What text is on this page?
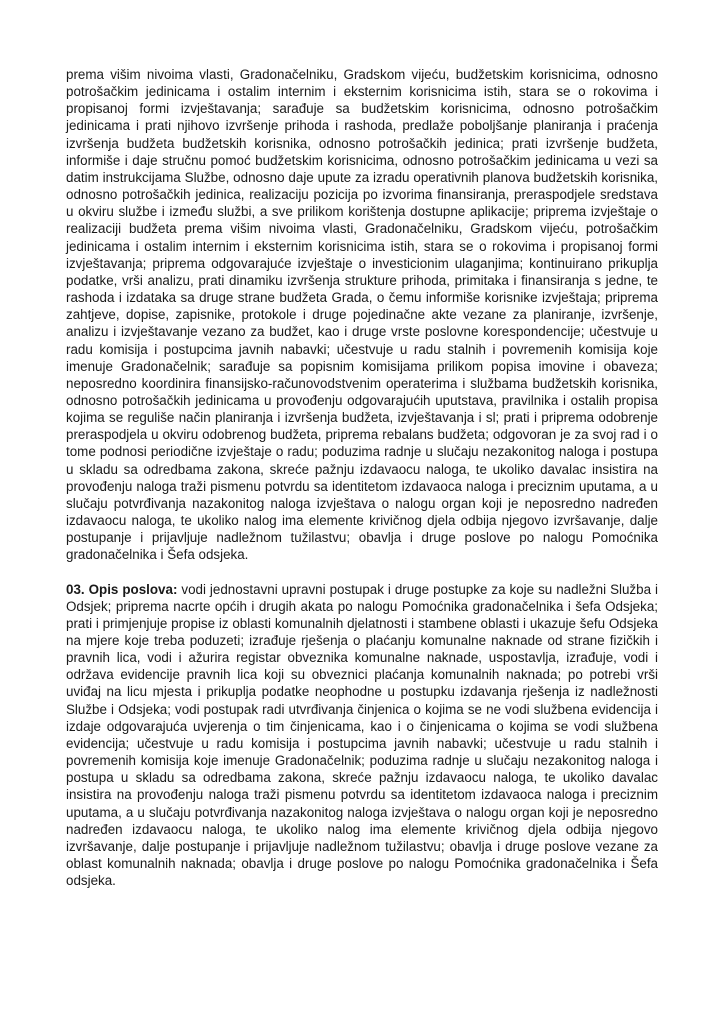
prema višim nivoima vlasti, Gradonačelniku, Gradskom vijeću, budžetskim korisnicima, odnosno potrošačkim jedinicama i ostalim internim i eksternim korisnicima istih, stara se o rokovima i propisanoj formi izvještavanja; sarađuje sa budžetskim korisnicima, odnosno potrošačkim jedinicama i prati njihovo izvršenje prihoda i rashoda, predlaže poboljšanje planiranja i praćenja izvršenja budžeta budžetskih korisnika, odnosno potrošačkih jedinica; prati izvršenje budžeta, informiše i daje stručnu pomoć budžetskim korisnicima, odnosno potrošačkim jedinicama u vezi sa datim instrukcijama Službe, odnosno daje upute za izradu operativnih planova budžetskih korisnika, odnosno potrošačkih jedinica, realizaciju pozicija po izvorima finansiranja, preraspodjele sredstava u okviru službe i između službi, a sve prilikom korištenja dostupne aplikacije; priprema izvještaje o realizaciji budžeta prema višim nivoima vlasti, Gradonačelniku, Gradskom vijeću, potrošačkim jedinicama i ostalim internim i eksternim korisnicima istih, stara se o rokovima i propisanoj formi izvještavanja; priprema odgovarajuće izvještaje o investicionim ulaganjima; kontinuirano prikuplja podatke, vrši analizu, prati dinamiku izvršenja strukture prihoda, primitaka i finansiranja s jedne, te rashoda i izdataka sa druge strane budžeta Grada, o čemu informiše korisnike izvještaja; priprema zahtjeve, dopise, zapisnike, protokole i druge pojedinačne akte vezane za planiranje, izvršenje, analizu i izvještavanje vezano za budžet, kao i druge vrste poslovne korespondencije; učestvuje u radu komisija i postupcima javnih nabavki; učestvuje u radu stalnih i povremenih komisija koje imenuje Gradonačelnik; sarađuje sa popisnim komisijama prilikom popisa imovine i obaveza; neposredno koordinira finansijsko-računovodstvenim operaterima i službama budžetskih korisnika, odnosno potrošačkih jedinicama u provođenju odgovarajućih uputstava, pravilnika i ostalih propisa kojima se reguliše način planiranja i izvršenja budžeta, izvještavanja i sl; prati i priprema odobrenje preraspodjela u okviru odobrenog budžeta, priprema rebalans budžeta; odgovoran je za svoj rad i o tome podnosi periodične izvještaje o radu; poduzima radnje u slučaju nezakonitog naloga i postupa u skladu sa odredbama zakona, skreće pažnju izdavaocu naloga, te ukoliko davalac insistira na provođenju naloga traži pismenu potvrdu sa identitetom izdavaoca naloga i preciznim uputama, a u slučaju potvrđivanja nazakonitog naloga izvještava o nalogu organ koji je neposredno nadređen izdavaocu naloga, te ukoliko nalog ima elemente krivičnog djela odbija njegovo izvršavanje, dalje postupanje i prijavljuje nadležnom tužilastvu; obavlja i druge poslove po nalogu Pomoćnika gradonačelnika i Šefa odsjeka.

03. Opis poslova: vodi jednostavni upravni postupak i druge postupke za koje su nadležni Služba i Odsjek; priprema nacrte općih i drugih akata po nalogu Pomoćnika gradonačelnika i šefa Odsjeka; prati i primjenjuje propise iz oblasti komunalnih djelatnosti i stambene oblasti i ukazuje šefu Odsjeka na mjere koje treba poduzeti; izrađuje rješenja o plaćanju komunalne naknade od strane fizičkih i pravnih lica, vodi i ažurira registar obveznika komunalne naknade, uspostavlja, izrađuje, vodi i održava evidencije pravnih lica koji su obveznici plaćanja komunalnih naknada; po potrebi vrši uviđaj na licu mjesta i prikuplja podatke neophodne u postupku izdavanja rješenja iz nadležnosti Službe i Odsjeka; vodi postupak radi utvrđivanja činjenica o kojima se ne vodi službena evidencija i izdaje odgovarajuća uvjerenja o tim činjenicama, kao i o činjenicama o kojima se vodi službena evidencija; učestvuje u radu komisija i postupcima javnih nabavki; učestvuje u radu stalnih i povremenih komisija koje imenuje Gradonačelnik; poduzima radnje u slučaju nezakonitog naloga i postupa u skladu sa odredbama zakona, skreće pažnju izdavaocu naloga, te ukoliko davalac insistira na provođenju naloga traži pismenu potvrdu sa identitetom izdavaoca naloga i preciznim uputama, a u slučaju potvrđivanja nazakonitog naloga izvještava o nalogu organ koji je neposredno nadređen izdavaocu naloga, te ukoliko nalog ima elemente krivičnog djela odbija njegovo izvršavanje, dalje postupanje i prijavljuje nadležnom tužilastvu; obavlja i druge poslove vezane za oblast komunalnih naknada; obavlja i druge poslove po nalogu Pomoćnika gradonačelnika i Šefa odsjeka.
